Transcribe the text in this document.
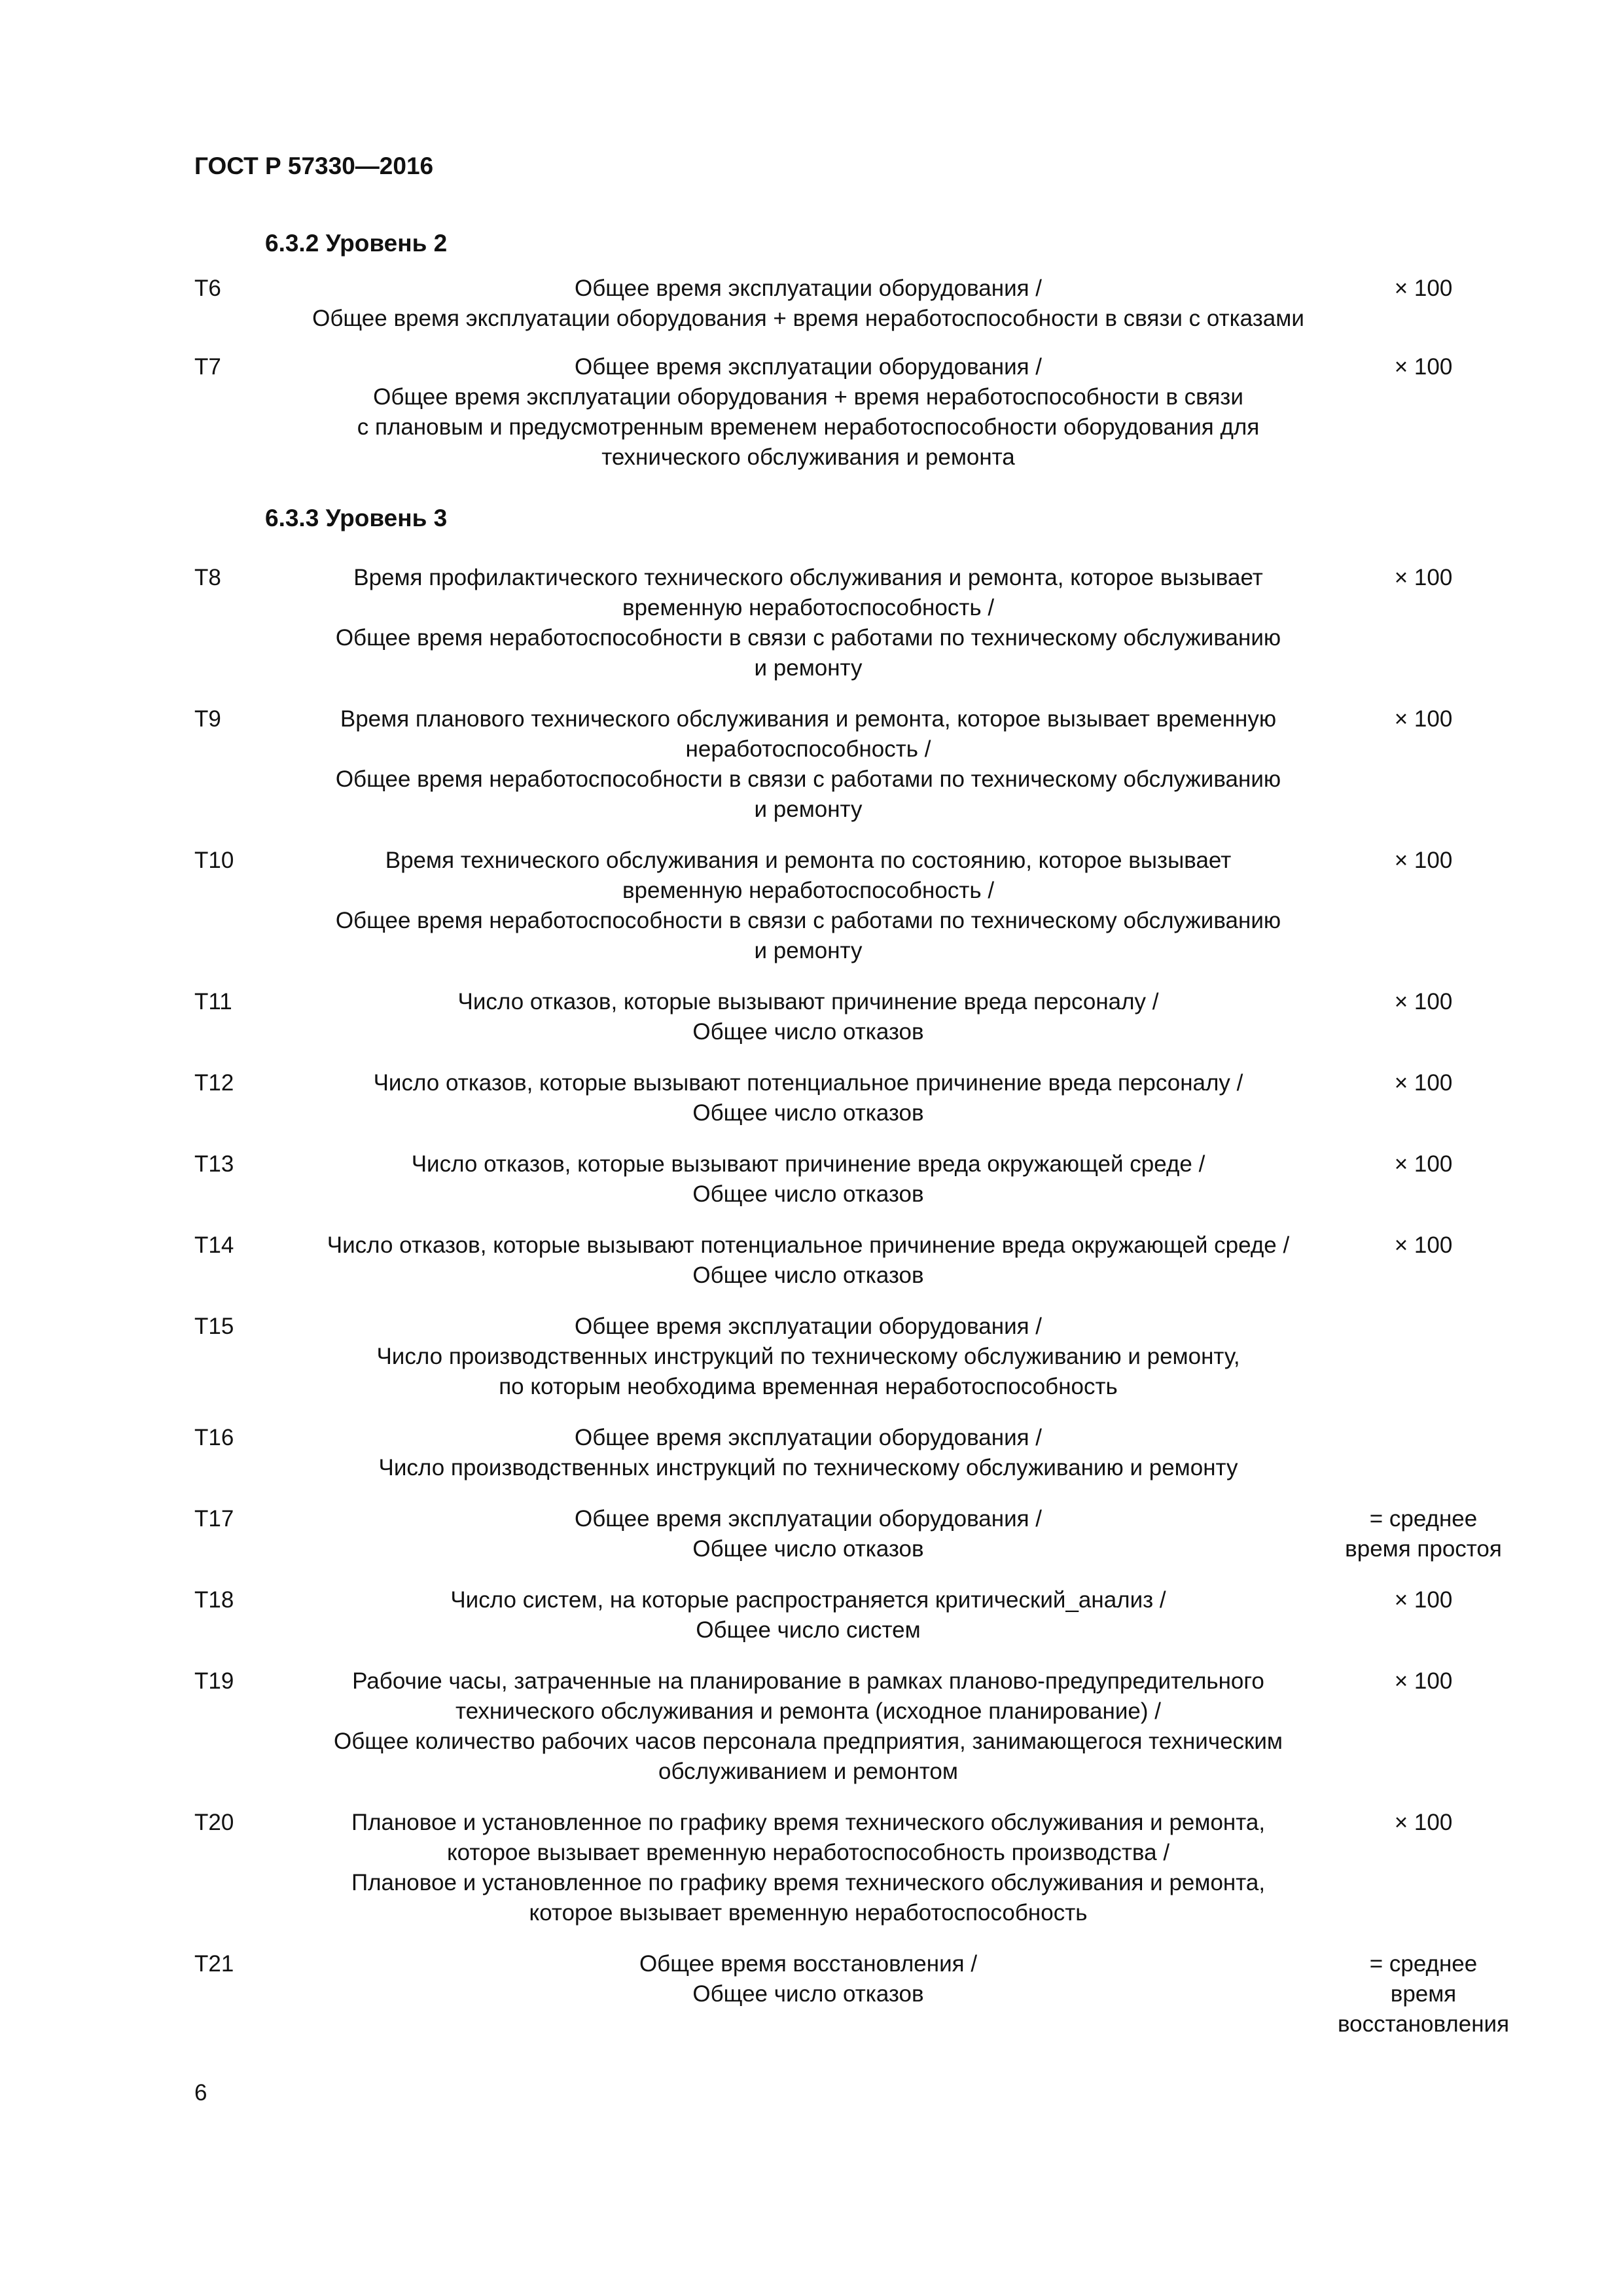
ГОСТ Р 57330—2016
6.3.2 Уровень 2
6.3.3 Уровень 3
T6	Общее время эксплуатации оборудования /
Общее время эксплуатации оборудования + время неработоспособности в связи с отказами
× 100
T7	Общее время эксплуатации оборудования /
Общее время эксплуатации оборудования + время неработоспособности в связи
с плановым и предусмотренным временем неработоспособности оборудования для
технического обслуживания и ремонта
× 100
T8	Время профилактического технического обслуживания и ремонта, которое вызывает
временную неработоспособность /
Общее время неработоспособности в связи с работами по техническому обслуживанию
и ремонту
× 100
T9	Время планового технического обслуживания и ремонта, которое вызывает временную
неработоспособность /
Общее время неработоспособности в связи с работами по техническому обслуживанию
и ремонту
× 100
T10	Время технического обслуживания и ремонта по состоянию, которое вызывает
временную неработоспособность /
Общее время неработоспособности в связи с работами по техническому обслуживанию
и ремонту
× 100
T11	Число отказов, которые вызывают причинение вреда персоналу /
Общее число отказов
× 100
T12	Число отказов, которые вызывают потенциальное причинение вреда персоналу /
Общее число отказов
× 100
T13	Число отказов, которые вызывают причинение вреда окружающей среде /
Общее число отказов
× 100
T14	Число отказов, которые вызывают потенциальное причинение вреда окружающей среде /
Общее число отказов
× 100
T15	Общее время эксплуатации оборудования /
Число производственных инструкций по техническому обслуживанию и ремонту,
по которым необходима временная неработоспособность
T16	Общее время эксплуатации оборудования /
Число производственных инструкций по техническому обслуживанию и ремонту
T17	Общее время эксплуатации оборудования /
Общее число отказов
= среднее
время простоя
T18	Число систем, на которые распространяется критический_анализ /
Общее число систем
× 100
T19	Рабочие часы, затраченные на планирование в рамках планово-предупредительного
технического обслуживания и ремонта (исходное планирование) /
Общее количество рабочих часов персонала предприятия, занимающегося техническим
обслуживанием и ремонтом
× 100
T20	Плановое и установленное по графику время технического обслуживания и ремонта,
которое вызывает временную неработоспособность производства /
Плановое и установленное по графику время технического обслуживания и ремонта,
которое вызывает временную неработоспособность
× 100
T21	Общее время восстановления /
Общее число отказов
= среднее
время
восстановления
6
